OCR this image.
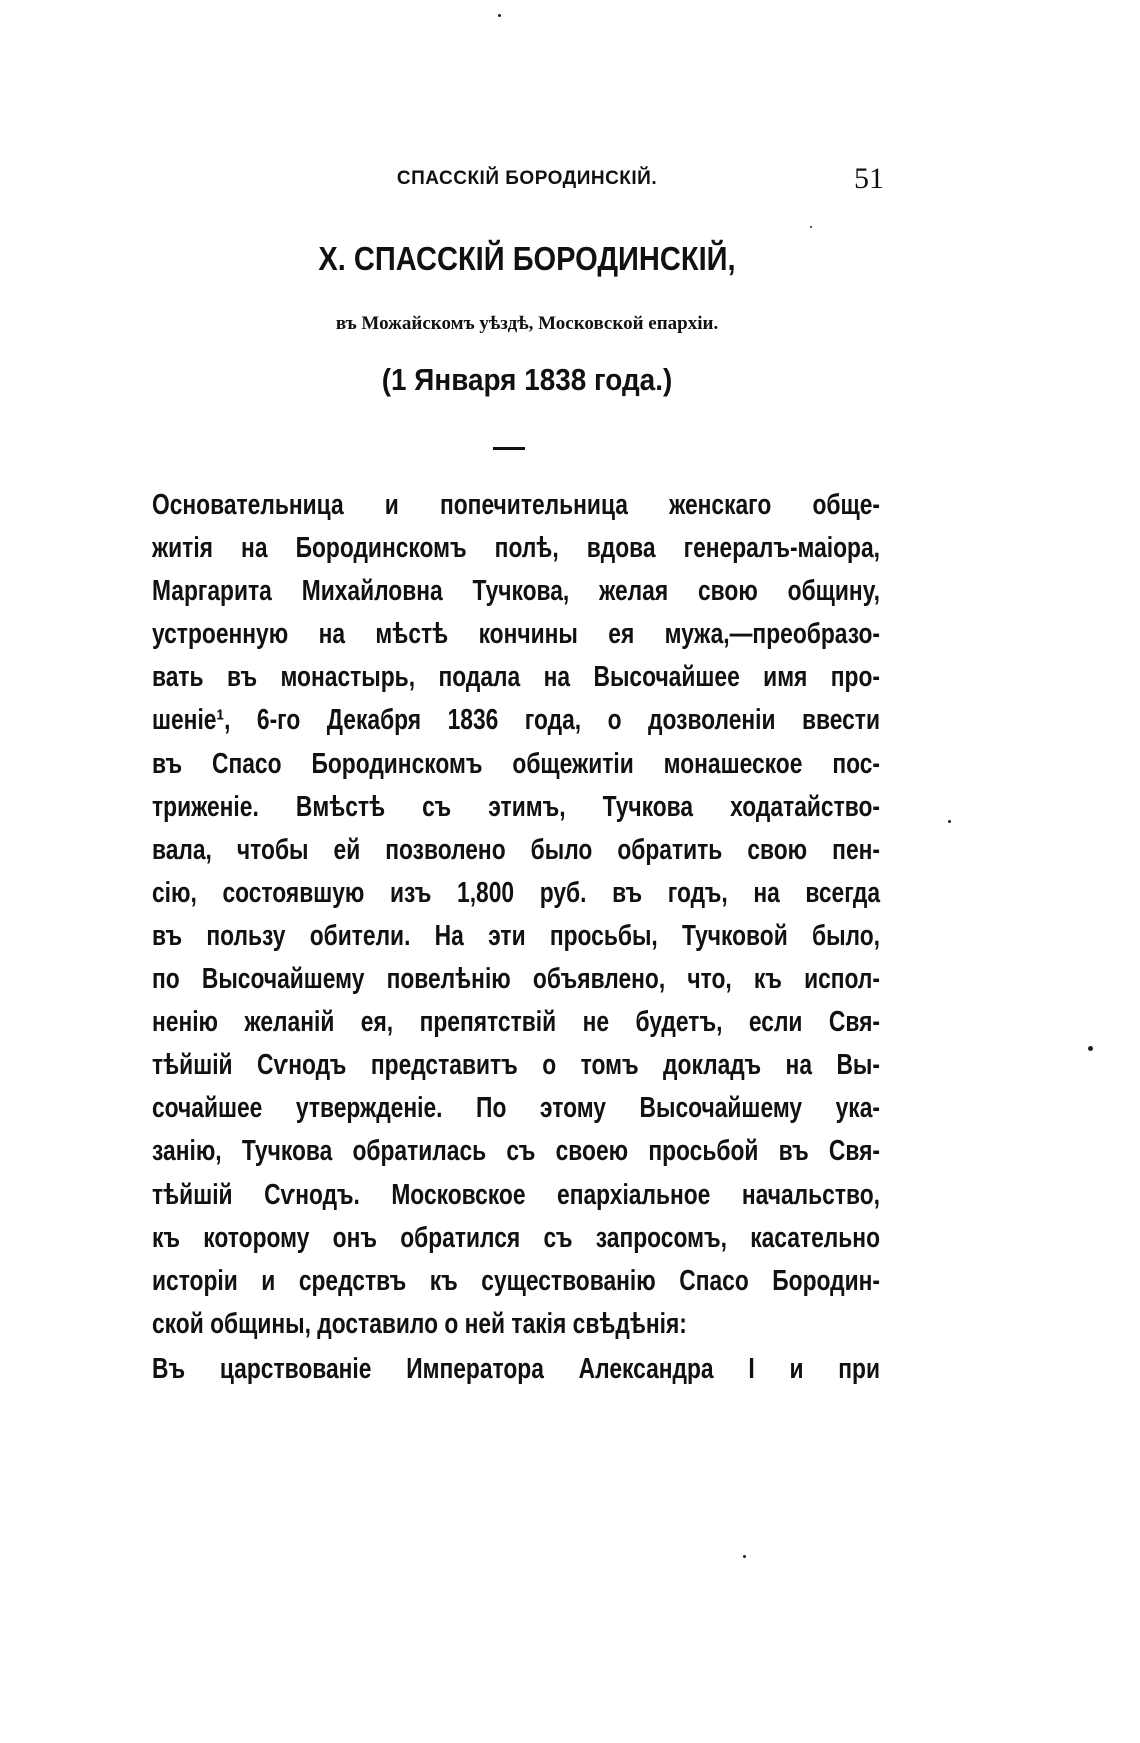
СПАССКІЙ БОРОДИНСКІЙ.	51
X. СПАССКІЙ БОРОДИНСКІЙ,
въ Можайскомъ уѣздѣ, Московской епархіи.
(1 Января 1838 года.)
Основательница и попечительница женскаго обще-
житія на Бородинскомъ полѣ, вдова генералъ-маіора,
Маргарита Михайловна Тучкова, желая свою общину,
устроенную на мѣстѣ кончины ея мужа,—преобразо-
вать въ монастырь, подала на Высочайшее имя про-
шеніе¹, 6-го Декабря 1836 года, о дозволеніи ввести
въ Спасо Бородинскомъ общежитіи монашеское пос-
триженіе. Вмѣстѣ съ этимъ, Тучкова ходатайство-
вала, чтобы ей позволено было обратить свою пен-
сію, состоявшую изъ 1,800 руб. въ годъ, на всегда
въ пользу обители. На эти просьбы, Тучковой было,
по Высочайшему повелѣнію объявлено, что, къ испол-
ненію желаній ея, препятствій не будетъ, если Свя-
тѣйшій Сѵнодъ представитъ о томъ докладъ на Вы-
сочайшее утвержденіе. По этому Высочайшему ука-
занію, Тучкова обратилась съ своею просьбой въ Свя-
тѣйшій Сѵнодъ. Московское епархіальное начальство,
къ которому онъ обратился съ запросомъ, касательно
исторіи и средствъ къ существованію Спасо Бородин-
ской общины, доставило о ней такія свѣдѣнія:
Въ царствованіе Императора Александра I и при
